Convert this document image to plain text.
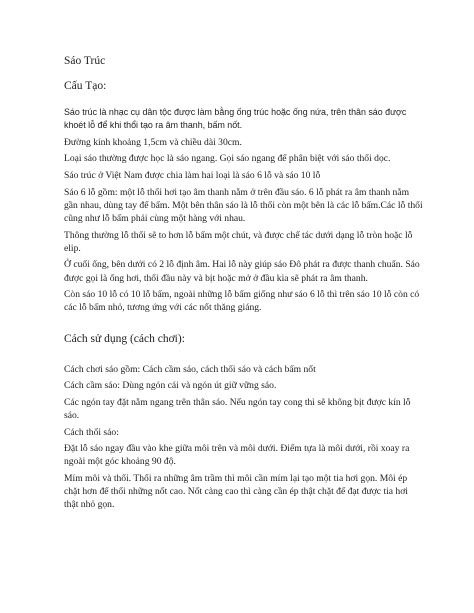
Sáo Trúc

Cấu Tạo:

Sáo trúc là nhạc cụ dân tộc được làm bằng ống trúc hoặc ống nứa, trên thân sáo được khoét lỗ để khi thổi tạo ra âm thanh, bấm nốt.

Đường kính khoảng 1,5cm và chiều dài 30cm.

Loại sáo thường được học là sáo ngang. Gọi sáo ngang để phân biệt với sáo thổi dọc.

Sáo trúc ở Việt Nam được chia làm hai loại là sáo 6 lỗ và sáo 10 lỗ

Sáo 6 lỗ gồm: một lỗ thổi hơi tạo âm thanh nằm ở trên đầu sáo. 6 lỗ phát ra âm thanh nằm gần nhau, dùng tay để bấm. Một bên thân sáo là lỗ thổi còn một bên là các lỗ bấm.Các lỗ thổi cũng như lỗ bấm phải cùng một hàng với nhau.

Thông thường lỗ thổi sẽ to hơn lỗ bấm một chút, và được chế tác dưới dạng lỗ tròn hoặc lỗ elip.

Ở cuối ống, bên dưới có 2 lỗ định âm. Hai lỗ này giúp sáo Đô phát ra được thanh chuẩn. Sáo được gọi là ống hơi, thổi đầu này và bịt hoặc mở ở đầu kia sẽ phát ra âm thanh.

Còn sáo 10 lỗ có 10 lỗ bấm, ngoài những lỗ bấm giống như sáo 6 lỗ thì trên sáo 10 lỗ còn có các lỗ bấm nhỏ, tương ứng với các nốt thăng giáng.

Cách sử dụng (cách chơi):

Cách chơi sáo gồm: Cách cầm sáo, cách thổi sáo và cách bấm nốt

Cách cầm sáo: Dùng ngón cái và ngón út giữ vững sáo.

Các ngón tay đặt nằm ngang trên thân sáo. Nếu ngón tay cong thì sẽ không bịt được kín lỗ sáo.

Cách thổi sáo:

Đặt lỗ sáo ngay đầu vào khe giữa môi trên và môi dưới. Điểm tựa là môi dưới, rồi xoay ra ngoài một góc khoảng 90 độ.

Mím môi và thổi. Thổi ra những âm trầm thì môi cần mím lại tạo một tia hơi gọn. Môi ép chặt hơn để thổi những nốt cao. Nốt càng cao thì càng cần ép thật chặt để đạt được tia hơi thật nhỏ gọn.
